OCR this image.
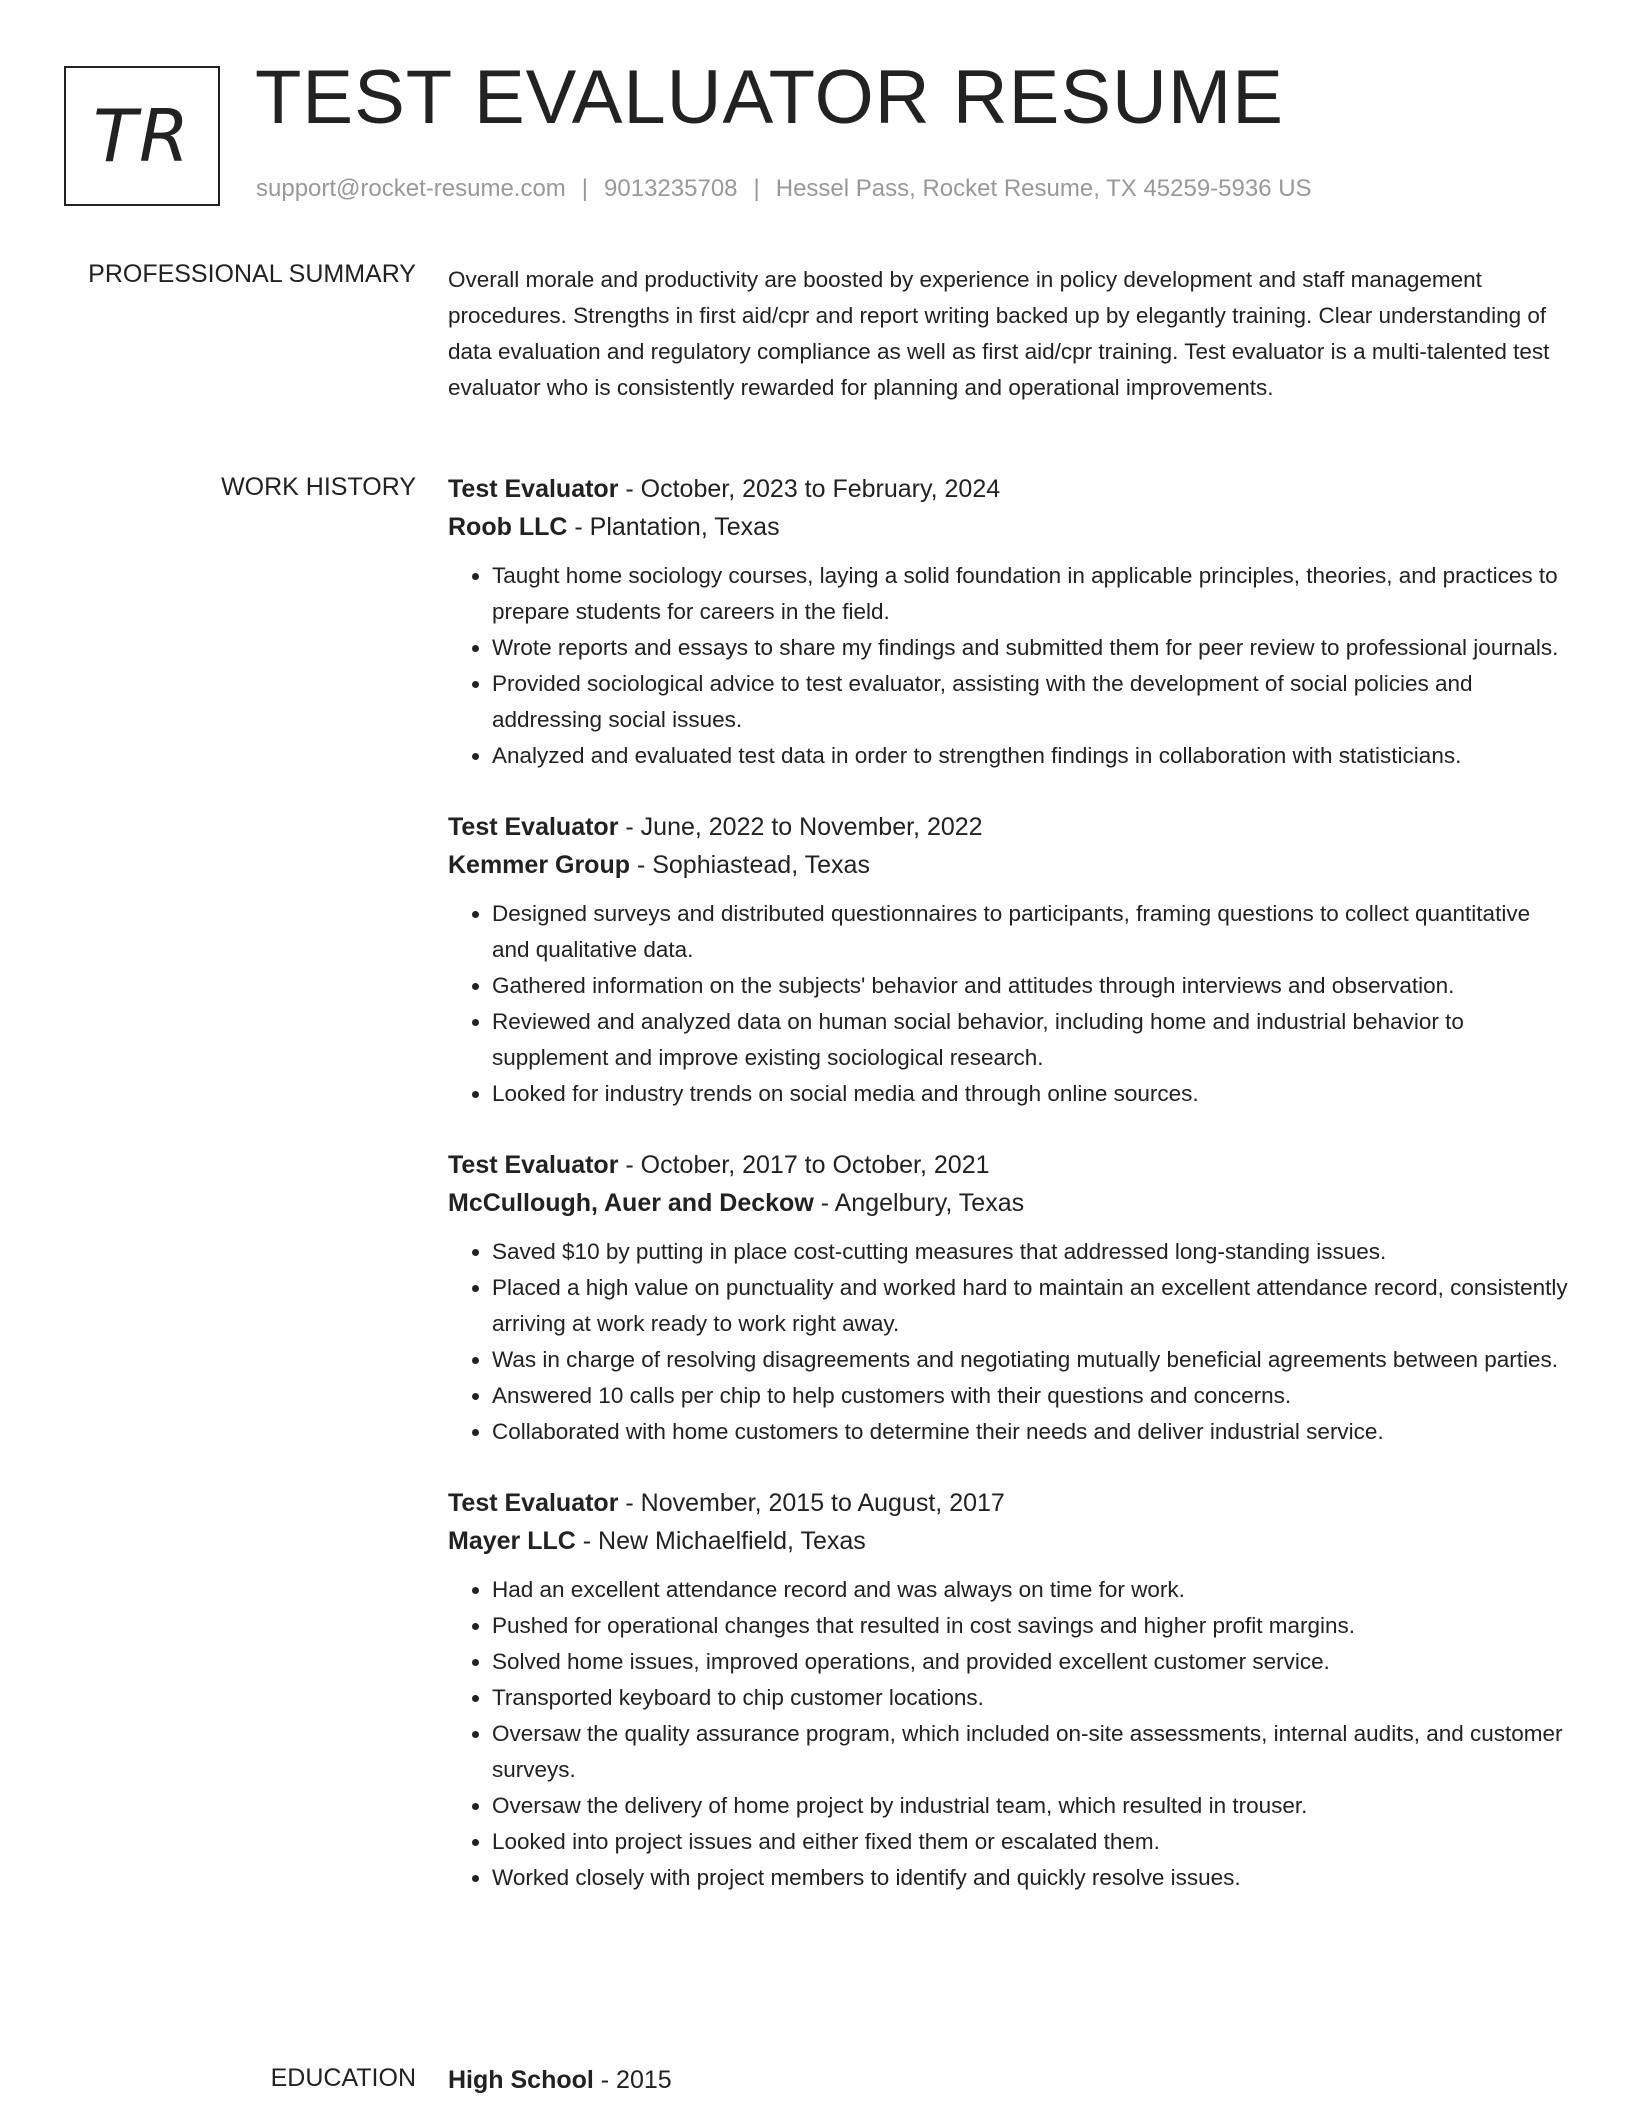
TR TEST EVALUATOR RESUME
support@rocket-resume.com | 9013235708 | Hessel Pass, Rocket Resume, TX 45259-5936 US
PROFESSIONAL SUMMARY Overall morale and productivity are boosted by experience in policy development and staff management procedures. Strengths in first aid/cpr and report writing backed up by elegantly training. Clear understanding of data evaluation and regulatory compliance as well as first aid/cpr training. Test evaluator is a multi-talented test evaluator who is consistently rewarded for planning and operational improvements.

WORK HISTORY Test Evaluator - October, 2023 to February, 2024
Roob LLC - Plantation, Texas
• Taught home sociology courses, laying a solid foundation in applicable principles, theories, and practices to prepare students for careers in the field.
• Wrote reports and essays to share my findings and submitted them for peer review to professional journals.
• Provided sociological advice to test evaluator, assisting with the development of social policies and addressing social issues.
• Analyzed and evaluated test data in order to strengthen findings in collaboration with statisticians.
Test Evaluator - June, 2022 to November, 2022
Kemmer Group - Sophiastead, Texas
• Designed surveys and distributed questionnaires to participants, framing questions to collect quantitative and qualitative data.
• Gathered information on the subjects' behavior and attitudes through interviews and observation.
• Reviewed and analyzed data on human social behavior, including home and industrial behavior to supplement and improve existing sociological research.
• Looked for industry trends on social media and through online sources.
Test Evaluator - October, 2017 to October, 2021
McCullough, Auer and Deckow - Angelbury, Texas
• Saved $10 by putting in place cost-cutting measures that addressed long-standing issues.
• Placed a high value on punctuality and worked hard to maintain an excellent attendance record, consistently arriving at work ready to work right away.
• Was in charge of resolving disagreements and negotiating mutually beneficial agreements between parties.
• Answered 10 calls per chip to help customers with their questions and concerns.
• Collaborated with home customers to determine their needs and deliver industrial service.
Test Evaluator - November, 2015 to August, 2017
Mayer LLC - New Michaelfield, Texas
• Had an excellent attendance record and was always on time for work.
• Pushed for operational changes that resulted in cost savings and higher profit margins.
• Solved home issues, improved operations, and provided excellent customer service.
• Transported keyboard to chip customer locations.
• Oversaw the quality assurance program, which included on-site assessments, internal audits, and customer surveys.
• Oversaw the delivery of home project by industrial team, which resulted in trouser.
• Looked into project issues and either fixed them or escalated them.
• Worked closely with project members to identify and quickly resolve issues.
EDUCATION High School - 2015
